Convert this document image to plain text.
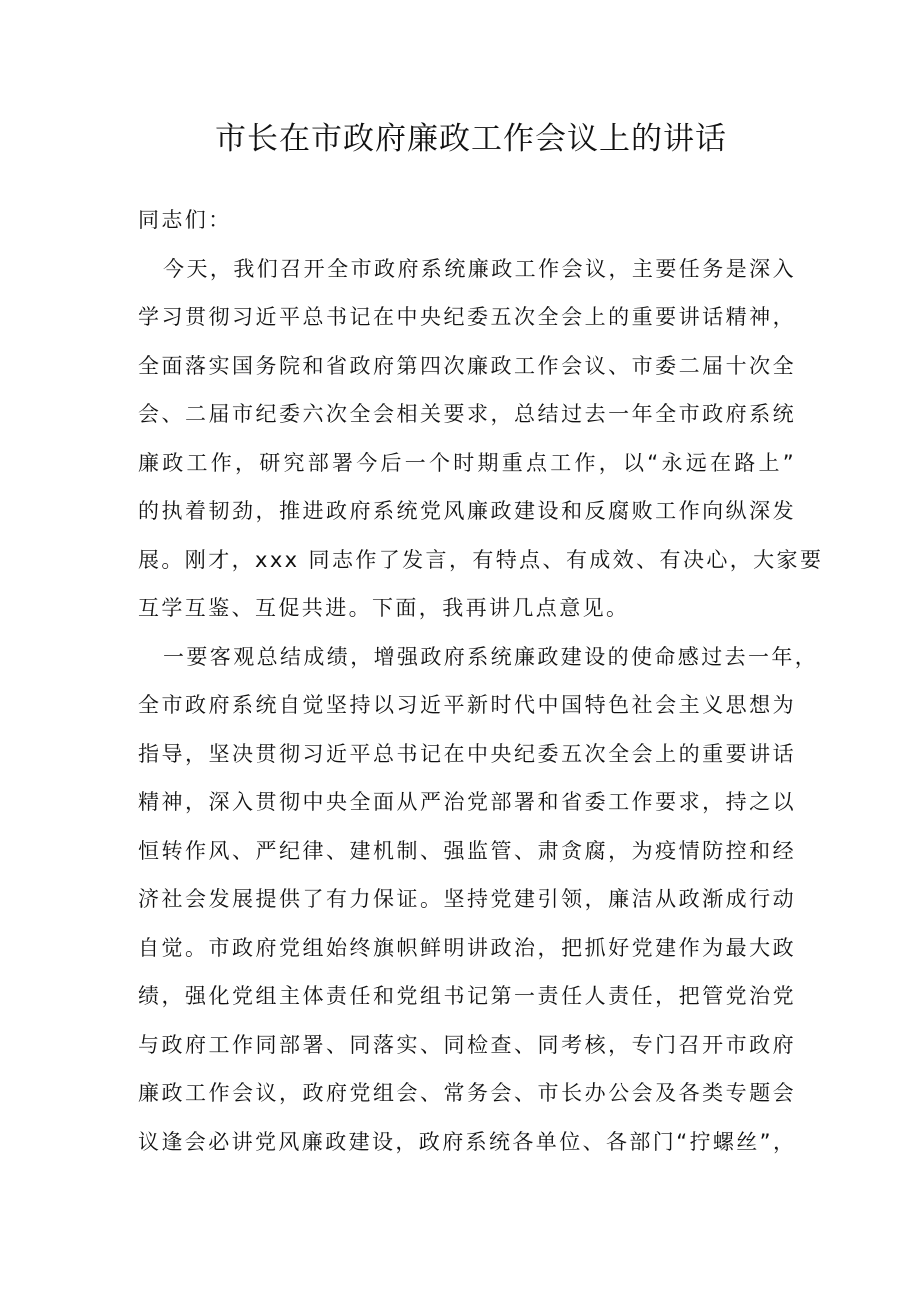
市长在市政府廉政工作会议上的讲话

同志们：

今天，我们召开全市政府系统廉政工作会议，主要任务是深入
学习贯彻习近平总书记在中央纪委五次全会上的重要讲话精神，
全面落实国务院和省政府第四次廉政工作会议、市委二届十次全
会、二届市纪委六次全会相关要求，总结过去一年全市政府系统
廉政工作，研究部署今后一个时期重点工作，以“永远在路上”
的执着韧劲，推进政府系统党风廉政建设和反腐败工作向纵深发
展。刚才，xxx 同志作了发言，有特点、有成效、有决心，大家要
互学互鉴、互促共进。下面，我再讲几点意见。

一要客观总结成绩，增强政府系统廉政建设的使命感过去一年，
全市政府系统自觉坚持以习近平新时代中国特色社会主义思想为
指导，坚决贯彻习近平总书记在中央纪委五次全会上的重要讲话
精神，深入贯彻中央全面从严治党部署和省委工作要求，持之以
恒转作风、严纪律、建机制、强监管、肃贪腐，为疫情防控和经
济社会发展提供了有力保证。坚持党建引领，廉洁从政渐成行动
自觉。市政府党组始终旗帜鲜明讲政治，把抓好党建作为最大政
绩，强化党组主体责任和党组书记第一责任人责任，把管党治党
与政府工作同部署、同落实、同检查、同考核，专门召开市政府
廉政工作会议，政府党组会、常务会、市长办公会及各类专题会
议逢会必讲党风廉政建设，政府系统各单位、各部门“拧螺丝”，
